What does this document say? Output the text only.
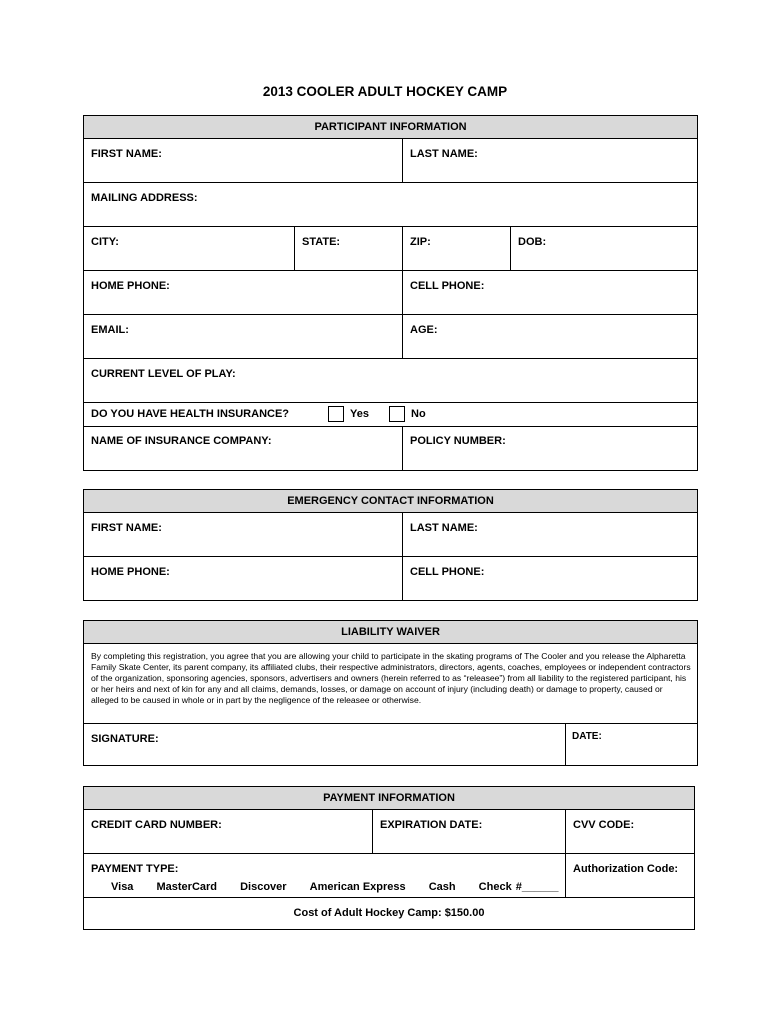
2013 COOLER ADULT HOCKEY CAMP
PARTICIPANT INFORMATION			

FIRST NAME:		LAST NAME:	

MAILING ADDRESS:			

CITY:	STATE:	ZIP:	DOB:

HOME PHONE:		CELL PHONE:	

EMAIL:		AGE:	

CURRENT LEVEL OF PLAY:			

DO YOU HAVE HEALTH INSURANCE? Yes No			

NAME OF INSURANCE COMPANY:		POLICY NUMBER:	
EMERGENCY CONTACT INFORMATION	

FIRST NAME:	LAST NAME:

HOME PHONE:	CELL PHONE:
LIABILITY WAIVER
By completing this registration, you agree that you are allowing your child to participate in the skating programs of The Cooler and you release the Alpharetta Family Skate Center, its parent company, its affiliated clubs, their respective administrators, directors, agents, coaches, employees or independent contractors of the organization, sponsoring agencies, sponsors, advertisers and owners (herein referred to as “releasee”) from all liability to the registered participant, his or her heirs and next of kin for any and all claims, demands, losses, or damage on account of injury (including death) or damage to property, caused or alleged to be caused in whole or in part by the negligence of the releasee or otherwise.

SIGNATURE:	DATE:
PAYMENT INFORMATION		

CREDIT CARD NUMBER:	EXPIRATION DATE:	CVV CODE:

PAYMENT TYPE:
Visa MasterCard Discover American Express Cash Check #______		Authorization Code:

Cost of Adult Hockey Camp: $150.00		
